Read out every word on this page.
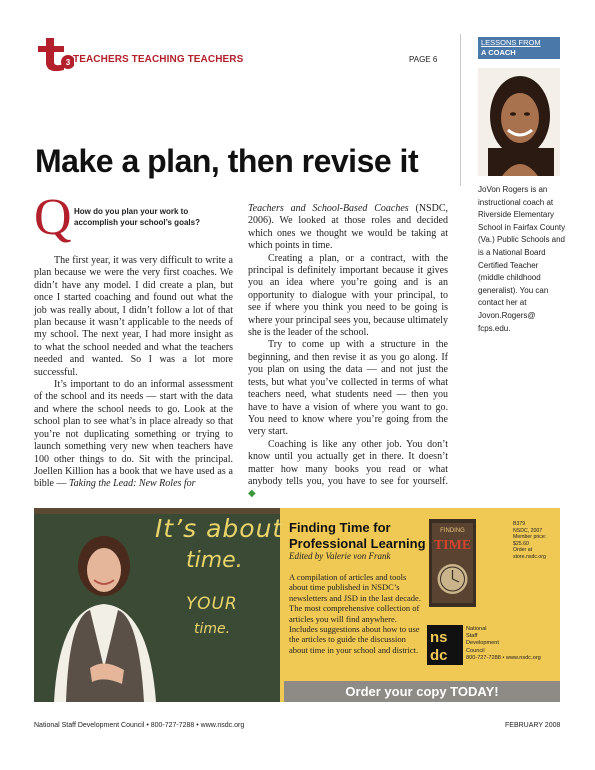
3 TEACHERS TEACHING TEACHERS	PAGE 6
LESSONS FROM
A COACH
Make a plan, then revise it
Q How do you plan your work to accomplish your school’s goals?

The first year, it was very difficult to write a plan because we were the very first coaches. We didn’t have any model. I did create a plan, but once I started coaching and found out what the job was really about, I didn’t follow a lot of that plan because it wasn’t applicable to the needs of my school. The next year, I had more insight as to what the school needed and what the teachers needed and wanted. So I was a lot more successful.

It’s important to do an informal assessment of the school and its needs — start with the data and where the school needs to go. Look at the school plan to see what’s in place already so that you’re not duplicating something or trying to launch something very new when teachers have 100 other things to do. Sit with the principal. Joellen Killion has a book that we have used as a bible — Taking the Lead: New Roles for

Teachers and School-Based Coaches (NSDC, 2006). We looked at those roles and decided which ones we thought we would be taking at which points in time.

Creating a plan, or a contract, with the principal is definitely important because it gives you an idea where you’re going and is an opportunity to dialogue with your principal, to see if where you think you need to be going is where your principal sees you, because ultimately she is the leader of the school.

Try to come up with a structure in the beginning, and then revise it as you go along. If you plan on using the data — and not just the tests, but what you’ve collected in terms of what teachers need, what students need — then you have to have a vision of where you want to go. You need to know where you’re going from the very start.

Coaching is like any other job. You don’t know until you actually get in there. It doesn’t matter how many books you read or what anybody tells you, you have to see for yourself. ◆

JoVon Rogers is an instructional coach at Riverside Elementary School in Fairfax County (Va.) Public Schools and is a National Board Certified Teacher (middle childhood generalist). You can contact her at Jovon.Rogers@ fcps.edu.
It’s about
time.
YOUR
time.
Finding Time for
Professional Learning
Edited by Valerie von Frank
A compilation of articles and tools about time published in NSDC’s newsletters and JSD in the last decade. The most comprehensive collection of articles you will find anywhere. Includes suggestions about how to use the articles to guide the discussion about time in your school and district.
FINDING
TIME
B379
NSDC, 2007
Member price:
$25.60
Order at
store.nsdc.org
ns
dc
National
Staff
Development
Council
800-727-7288 • www.nsdc.org
Order your copy TODAY!
National Staff Development Council • 800-727-7288 • www.nsdc.org	FEBRUARY 2008
